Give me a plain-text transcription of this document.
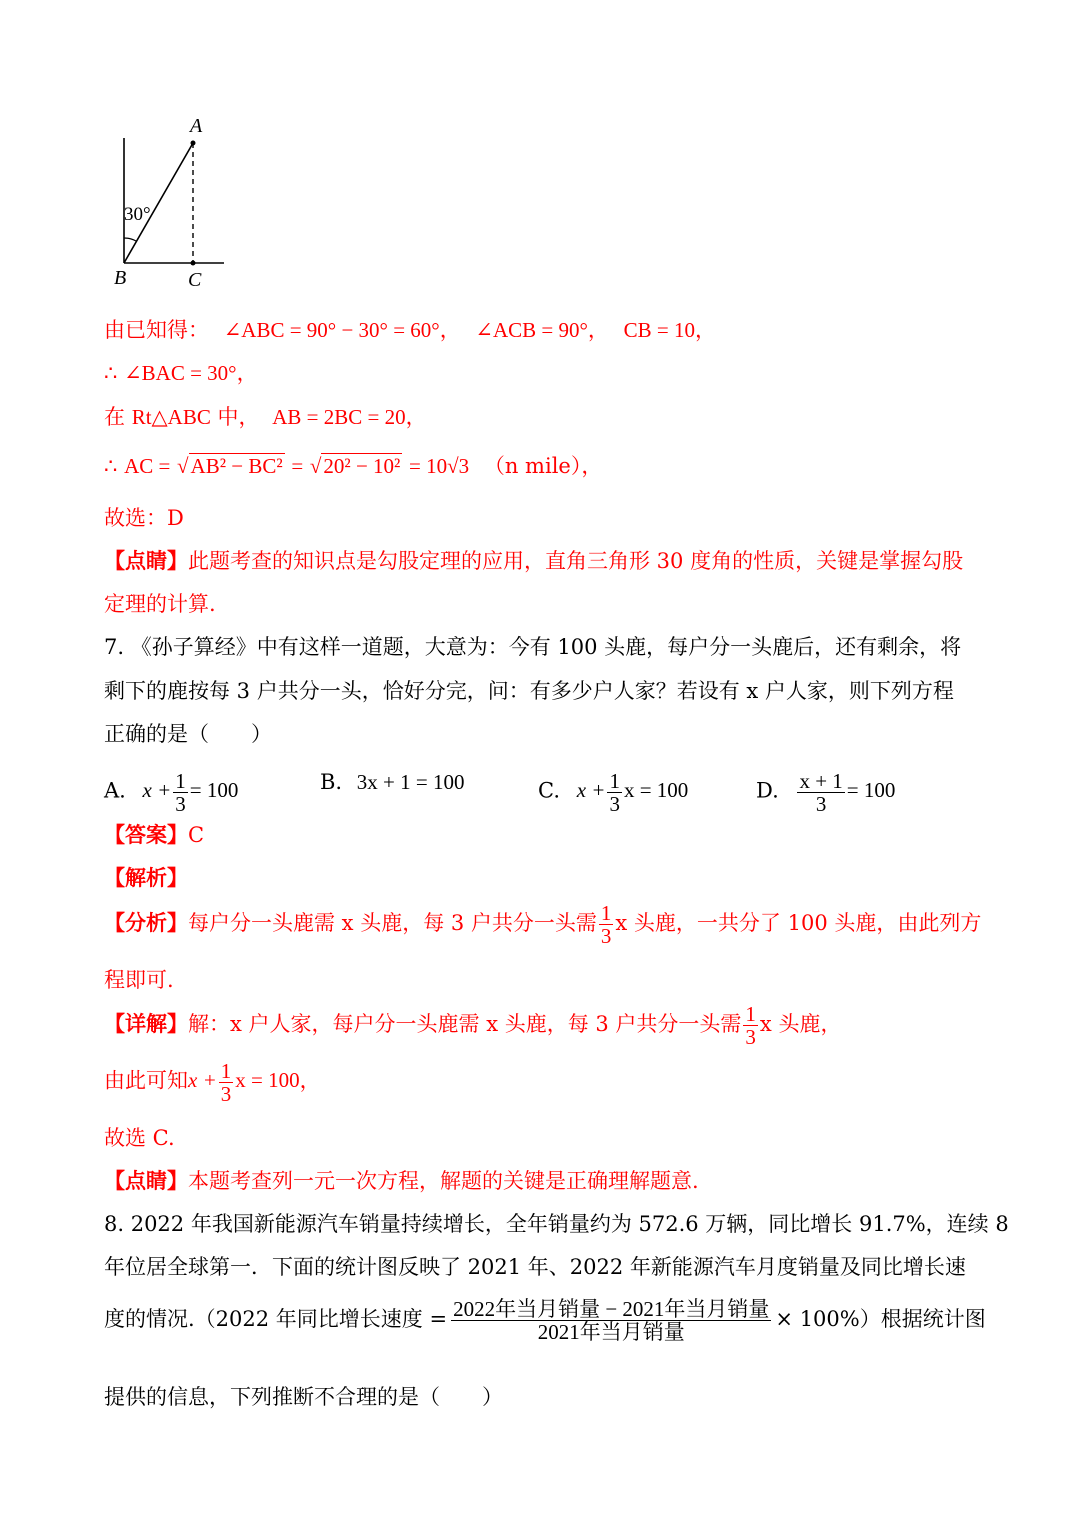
A
B	C
30°
由已知得： ∠ABC = 90° − 30° = 60°， ∠ACB = 90°， CB = 10，
∴ ∠BAC = 30°，
在 Rt△ABC 中， AB = 2BC = 20，
∴ AC = √AB² − BC² = √20² − 10² = 10√3 （n mile），
故选：D
【点睛】此题考查的知识点是勾股定理的应用，直角三角形 30 度角的性质，关键是掌握勾股
定理的计算.
7. 《孙子算经》中有这样一道题，大意为：今有 100 头鹿，每户分一头鹿后，还有剩余，将
剩下的鹿按每 3 户共分一头，恰好分完，问：有多少户人家？若设有 x 户人家，则下列方程
正确的是（　　）
A. $x + \frac{1}{3} = 100$	B. 3x + 1 = 100	C. $x + \frac{1}{3}$ x = 100	D. $\frac{x + 1}{3} = 100$
【答案】C
【解析】
【分析】每户分一头鹿需 x 头鹿，每 3 户共分一头需 $\frac{1}{3}$ x 头鹿，一共分了 100 头鹿，由此列方
程即可.
【详解】解：x 户人家，每户分一头鹿需 x 头鹿，每 3 户共分一头需 $\frac{1}{3}$ x 头鹿，
由此可知$x + \frac{1}{3}$ x = 100，
故选 C.
【点睛】本题考查列一元一次方程，解题的关键是正确理解题意.
8. 2022 年我国新能源汽车销量持续增长，全年销量约为 572.6 万辆，同比增长 91.7%，连续 8
年位居全球第一．下面的统计图反映了 2021 年、2022 年新能源汽车月度销量及同比增长速
度的情况.（2022 年同比增长速度 = $\frac{\text{2022年当月销量 − 2021年当月销量}}{\text{2021年当月销量}} \times 100\%$）根据统计图
提供的信息，下列推断不合理的是（　　）
